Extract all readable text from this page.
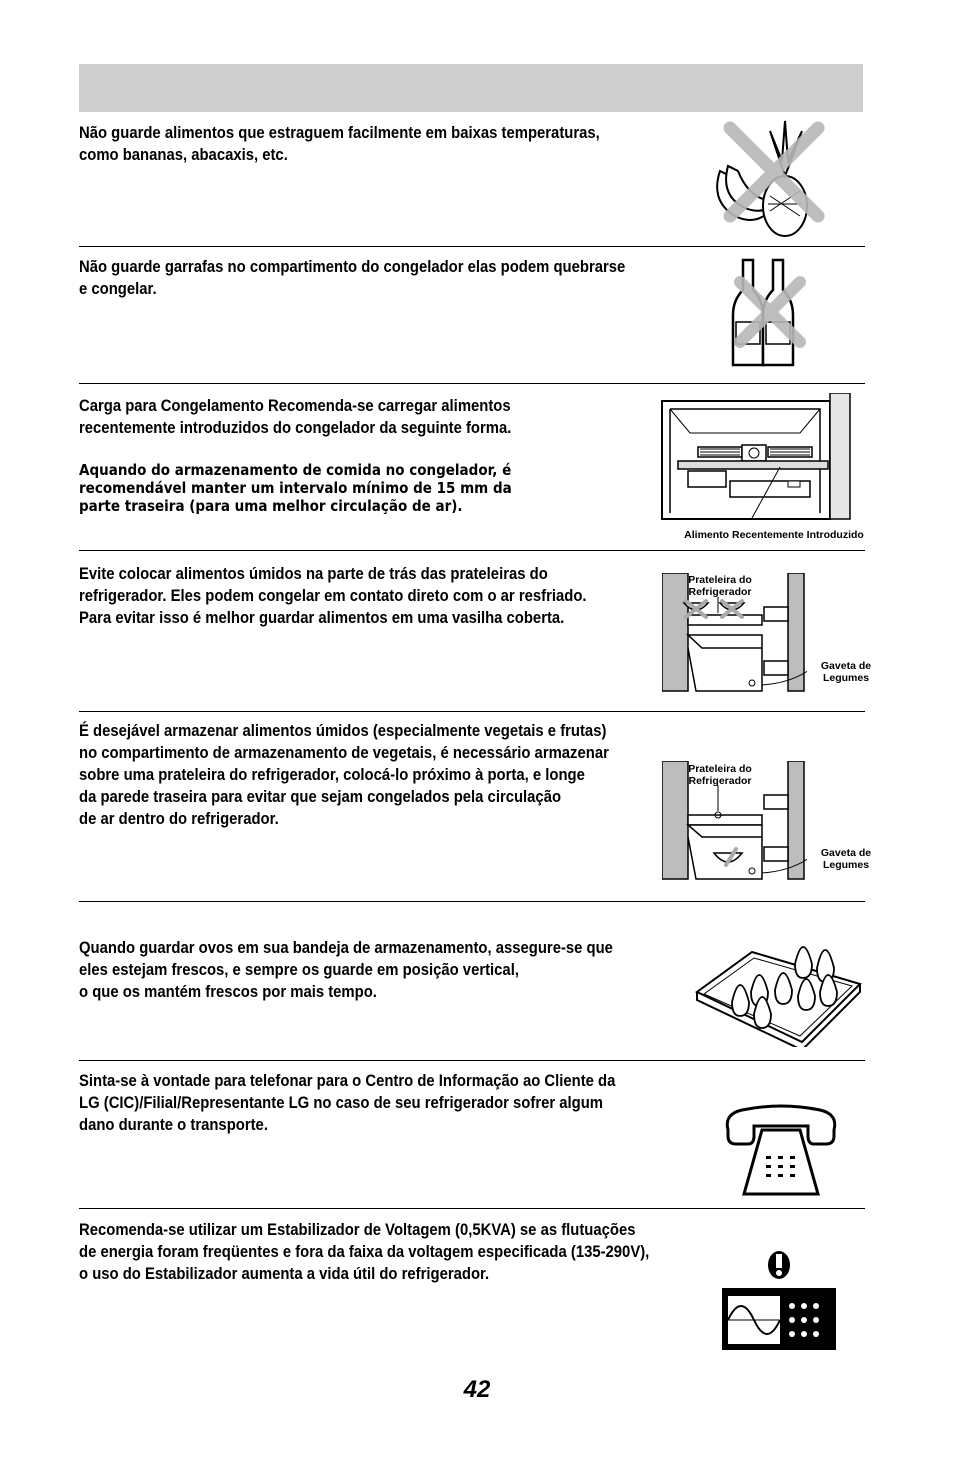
Não guarde alimentos que estraguem facilmente em baixas temperaturas,
como bananas, abacaxis, etc.
Não guarde garrafas no compartimento do congelador elas podem quebrarse
e congelar.
Carga para Congelamento Recomenda-se carregar alimentos
recentemente introduzidos do congelador da seguinte forma.

Aquando do armazenamento de comida no congelador, é
recomendável manter um intervalo mínimo de 15 mm da
parte traseira (para uma melhor circulação de ar).

Alimento Recentemente Introduzido
Evite colocar alimentos úmidos na parte de trás das prateleiras do
refrigerador. Eles podem congelar em contato direto com o ar resfriado.
Para evitar isso é melhor guardar alimentos em uma vasilha coberta.
Prateleira do
Refrigerador
Gaveta de
Legumes
É desejável armazenar alimentos úmidos (especialmente vegetais e frutas)
no compartimento de armazenamento de vegetais, é necessário armazenar
sobre uma prateleira do refrigerador, colocá-lo próximo à porta, e longe
da parede traseira para evitar que sejam congelados pela circulação
de ar dentro do refrigerador.
Prateleira do
Refrigerador
Gaveta de
Legumes
Quando guardar ovos em sua bandeja de armazenamento, assegure-se que
eles estejam frescos, e sempre os guarde em posição vertical,
o que os mantém frescos por mais tempo.
Sinta-se à vontade para telefonar para o Centro de Informação ao Cliente da
LG (CIC)/Filial/Representante LG no caso de seu refrigerador sofrer algum
dano durante o transporte.
Recomenda-se utilizar um Estabilizador de Voltagem (0,5KVA) se as flutuações
de energia foram freqüentes e fora da faixa da voltagem especificada (135-290V),
o uso do Estabilizador aumenta a vida útil do refrigerador.
42
